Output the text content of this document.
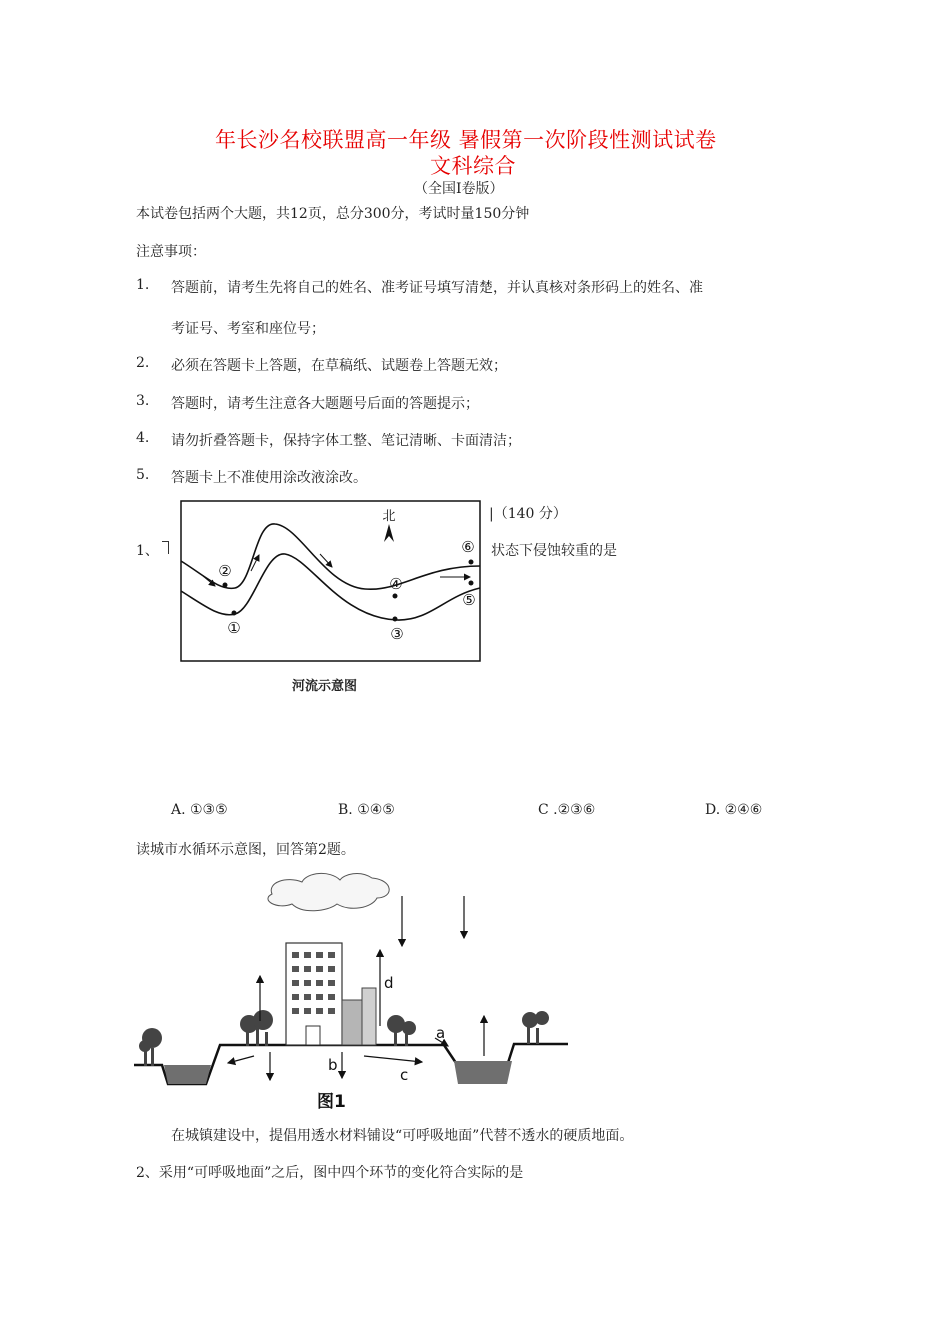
年长沙名校联盟高一年级 暑假第一次阶段性测试试卷
文科综合
（全国Ⅰ卷版）
本试卷包括两个大题，共12页，总分300分，考试时量150分钟
注意事项：
1. 答题前，请考生先将自己的姓名、准考证号填写清楚，并认真核对条形码上的姓名、准
考证号、考室和座位号；
2. 必须在答题卡上答题，在草稿纸、试题卷上答题无效；
3. 答题时，请考生注意各大题题号后面的答题提示；
4. 请勿折叠答题卡，保持字体工整、笔记清晰、卡面清洁；
5. 答题卡上不准使用涂改液涂改。
|（140 分）
1、	状态下侵蚀较重的是
北
①
②
③
④
⑤
⑥
河流示意图
A. ①③⑤	B. ①④⑤	C .②③⑥	D. ②④⑥
读城市水循环示意图，回答第2题。
a
b
c
d
图1
在城镇建设中，提倡用透水材料铺设“可呼吸地面”代替不透水的硬质地面。
2、采用“可呼吸地面”之后，图中四个环节的变化符合实际的是
